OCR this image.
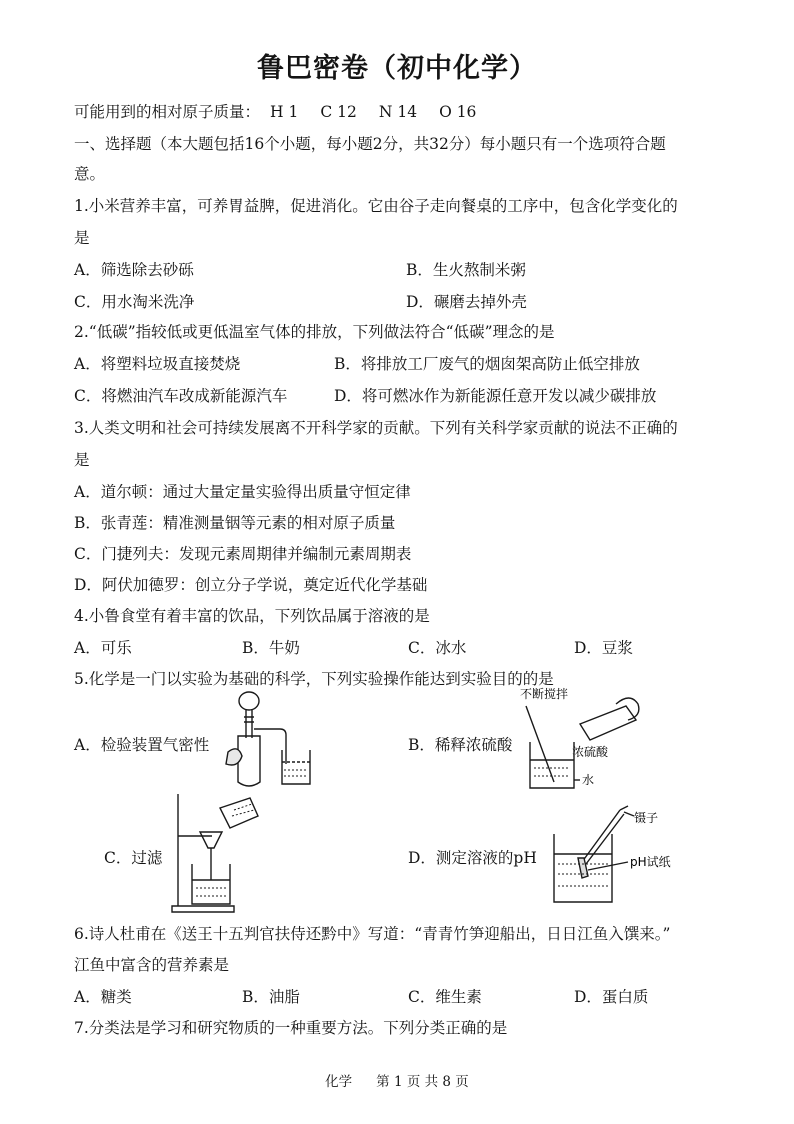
鲁巴密卷（初中化学）
可能用到的相对原子质量： H 1 C 12 N 14 O 16
一、选择题（本大题包括16个小题，每小题2分，共32分）每小题只有一个选项符合题
意。
1.小米营养丰富，可养胃益脾，促进消化。它由谷子走向餐桌的工序中，包含化学变化的
是
A．筛选除去砂砾	B．生火熬制米粥
C．用水淘米洗净	D．碾磨去掉外壳
2.“低碳”指较低或更低温室气体的排放，下列做法符合“低碳”理念的是
A．将塑料垃圾直接焚烧	B．将排放工厂废气的烟囱架高防止低空排放
C．将燃油汽车改成新能源汽车	D．将可燃冰作为新能源任意开发以减少碳排放
3.人类文明和社会可持续发展离不开科学家的贡献。下列有关科学家贡献的说法不正确的
是
A．道尔顿：通过大量定量实验得出质量守恒定律
B．张青莲：精准测量铟等元素的相对原子质量
C．门捷列夫：发现元素周期律并编制元素周期表
D．阿伏加德罗：创立分子学说，奠定近代化学基础
4.小鲁食堂有着丰富的饮品，下列饮品属于溶液的是
A．可乐	B．牛奶	C．冰水	D．豆浆
5.化学是一门以实验为基础的科学，下列实验操作能达到实验目的的是
A．检验装置气密性	B．稀释浓硫酸
C．过滤	D．测定溶液的pH
不断搅拌
浓硫酸
水
镊子
pH试纸
6.诗人杜甫在《送王十五判官扶侍还黔中》写道：“青青竹笋迎船出，日日江鱼入馔来。”
江鱼中富含的营养素是
A．糖类	B．油脂	C．维生素	D．蛋白质
7.分类法是学习和研究物质的一种重要方法。下列分类正确的是
化学 第 1 页 共 8 页
